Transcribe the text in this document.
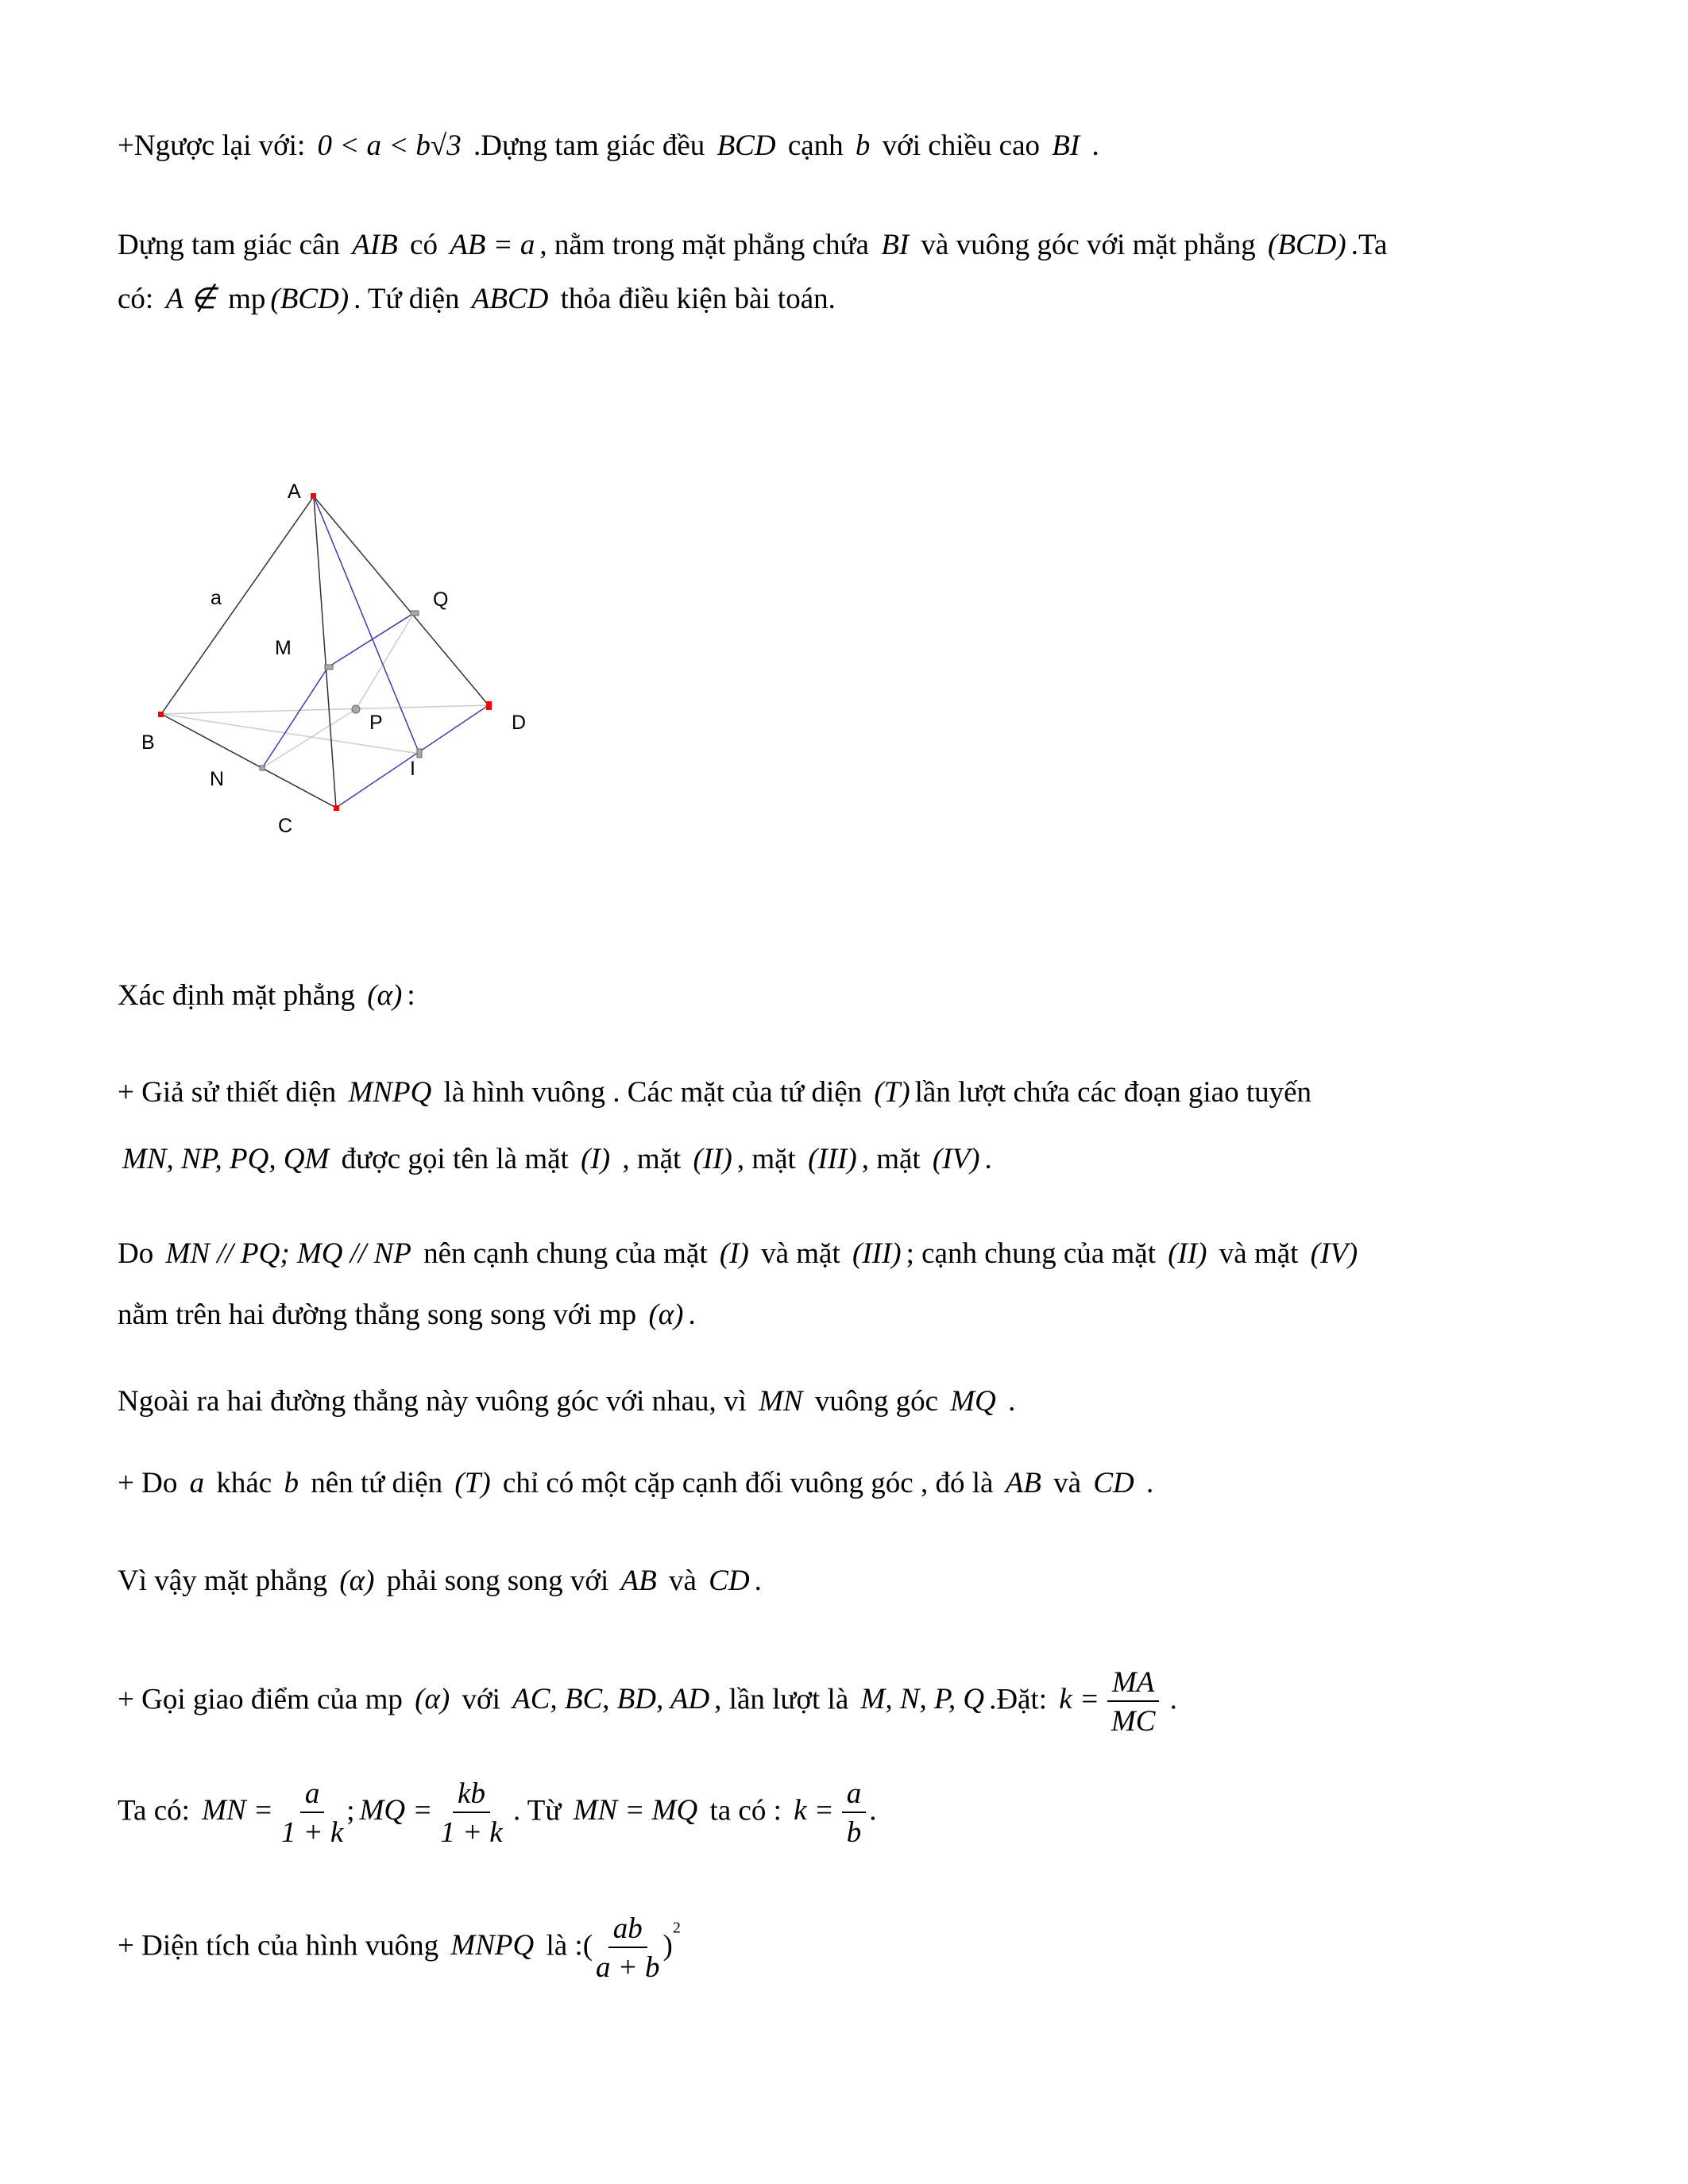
+Ngược lại với: 0 < a < b√3 .Dựng tam giác đều BCD cạnh b với chiều cao BI .
Dựng tam giác cân AIB có AB = a , nằm trong mặt phẳng chứa BI và vuông góc với mặt phẳng (BCD) .Ta
có: A ∉ mp (BCD) . Tứ diện ABCD thỏa điều kiện bài toán.
Xác định mặt phẳng (α) :
+ Giả sử thiết diện MNPQ là hình vuông . Các mặt của tứ diện (T) lần lượt chứa các đoạn giao tuyến
MN, NP, PQ, QM được gọi tên là mặt (I) , mặt (II) , mặt (III) , mặt (IV) .
Do MN // PQ; MQ // NP nên cạnh chung của mặt (I) và mặt (III) ; cạnh chung của mặt (II) và mặt (IV)
nằm trên hai đường thẳng song song với mp (α) .
Ngoài ra hai đường thẳng này vuông góc với nhau, vì MN vuông góc MQ .
+ Do a khác b nên tứ diện (T) chỉ có một cặp cạnh đối vuông góc , đó là AB và CD .
Vì vậy mặt phẳng (α) phải song song với AB và CD .
+ Gọi giao điểm của mp (α) với AC, BC, BD, AD , lần lượt là M, N, P, Q .Đặt: $k = \frac{MA}{MC}$ .
Ta có: MN = $\frac{a}{1 + k}$ ; MQ = $\frac{kb}{1 + k}$ . Từ MN = MQ ta có : $k = \frac{a}{b}$ .
+ Diện tích của hình vuông MNPQ là :( $\frac{ab}{a + b} )^2$
A
a	Q
M
P	D
B
I
N
C
